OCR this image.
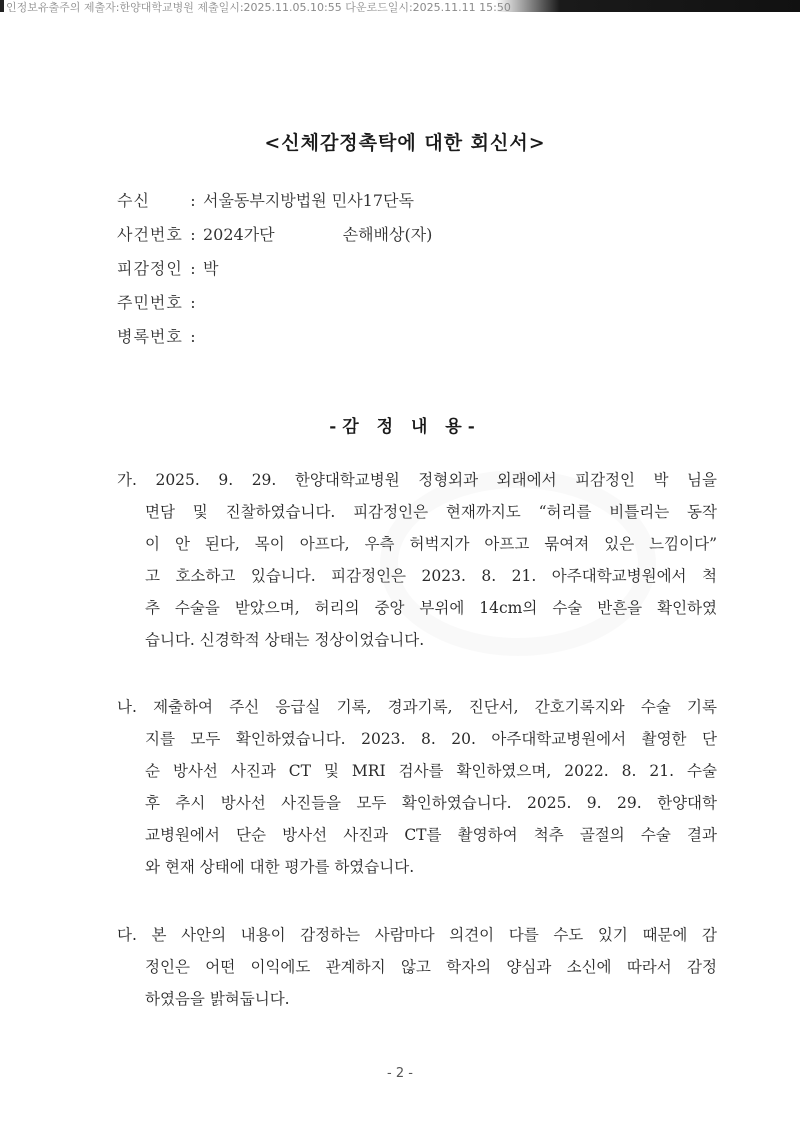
인정보유출주의 제출자:한양대학교병원 제출일시:2025.11.05.10:55 다운로드일시:2025.11.11 15:50
<신체감정촉탁에 대한 회신서>
수신	: 서울동부지방법원 민사17단독
사건번호 : 2024가단	손해배상(자)
피감정인 : 박
주민번호 :
병록번호 :
-감 정 내 용-
가. 2025. 9. 29. 한양대학교병원 정형외과 외래에서 피감정인 박 님을
면담 및 진찰하였습니다. 피감정인은 현재까지도 “허리를 비틀리는 동작
이 안 된다, 목이 아프다, 우측 허벅지가 아프고 묶여져 있은 느낌이다”
고 호소하고 있습니다. 피감정인은 2023. 8. 21. 아주대학교병원에서 척
추 수술을 받았으며, 허리의 중앙 부위에 14cm의 수술 반흔을 확인하였
습니다. 신경학적 상태는 정상이었습니다.
나. 제출하여 주신 응급실 기록, 경과기록, 진단서, 간호기록지와 수술 기록
지를 모두 확인하였습니다. 2023. 8. 20. 아주대학교병원에서 촬영한 단
순 방사선 사진과 CT 및 MRI 검사를 확인하였으며, 2022. 8. 21. 수술
후 추시 방사선 사진들을 모두 확인하였습니다. 2025. 9. 29. 한양대학
교병원에서 단순 방사선 사진과 CT를 촬영하여 척추 골절의 수술 결과
와 현재 상태에 대한 평가를 하였습니다.
다. 본 사안의 내용이 감정하는 사람마다 의견이 다를 수도 있기 때문에 감
정인은 어떤 이익에도 관계하지 않고 학자의 양심과 소신에 따라서 감정
하였음을 밝혀둡니다.
- 2 -
